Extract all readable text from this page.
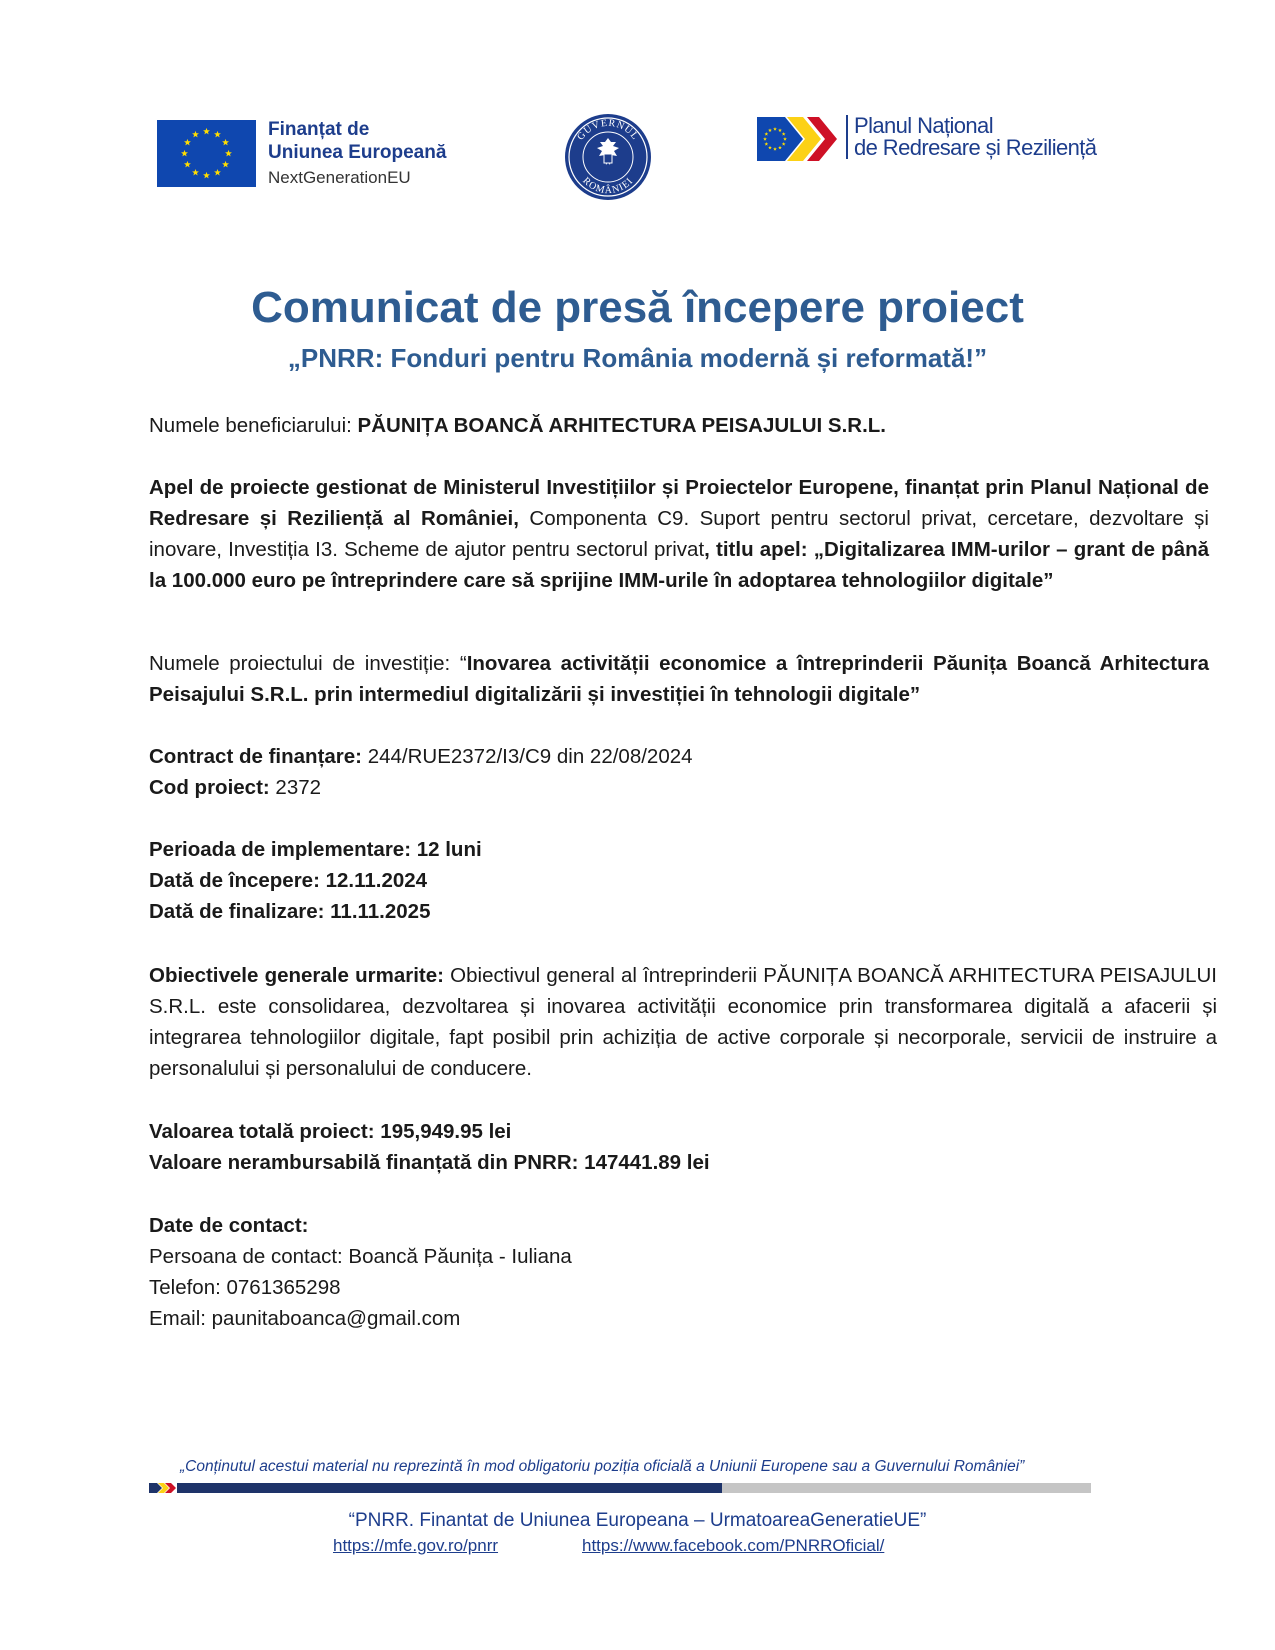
Finanțat de
Uniunea Europeană
NextGenerationEU
GUVERNUL
ROMÂNIEI
Planul Național
de Redresare și Reziliență
Comunicat de presă începere proiect
„PNRR: Fonduri pentru România modernă și reformată!”
Numele beneficiarului: PĂUNIȚA BOANCĂ ARHITECTURA PEISAJULUI S.R.L.
Apel de proiecte gestionat de Ministerul Investițiilor și Proiectelor Europene, finanțat prin Planul Național de Redresare și Reziliență al României, Componenta C9. Suport pentru sectorul privat, cercetare, dezvoltare și inovare, Investiția I3. Scheme de ajutor pentru sectorul privat, titlu apel: „Digitalizarea IMM-urilor – grant de până la 100.000 euro pe întreprindere care să sprijine IMM-urile în adoptarea tehnologiilor digitale”
Numele proiectului de investiție: “Inovarea activității economice a întreprinderii Păunița Boancă Arhitectura Peisajului S.R.L. prin intermediul digitalizării și investiției în tehnologii digitale”
Contract de finanțare: 244/RUE2372/I3/C9 din 22/08/2024
Cod proiect: 2372
Perioada de implementare: 12 luni
Dată de începere: 12.11.2024
Dată de finalizare: 11.11.2025
Obiectivele generale urmarite: Obiectivul general al întreprinderii PĂUNIȚA BOANCĂ ARHITECTURA PEISAJULUI S.R.L. este consolidarea, dezvoltarea și inovarea activității economice prin transformarea digitală a afacerii și integrarea tehnologiilor digitale, fapt posibil prin achiziția de active corporale și necorporale, servicii de instruire a personalului și personalului de conducere.
Valoarea totală proiect: 195,949.95 lei
Valoare nerambursabilă finanțată din PNRR: 147441.89 lei
Date de contact:
Persoana de contact: Boancă Păunița - Iuliana
Telefon: 0761365298
Email: paunitaboanca@gmail.com
„Conținutul acestui material nu reprezintă în mod obligatoriu poziția oficială a Uniunii Europene sau a Guvernului României”
“PNRR. Finantat de Uniunea Europeana – UrmatoareaGeneratieUE”
https://mfe.gov.ro/pnrr	https://www.facebook.com/PNRROficial/
